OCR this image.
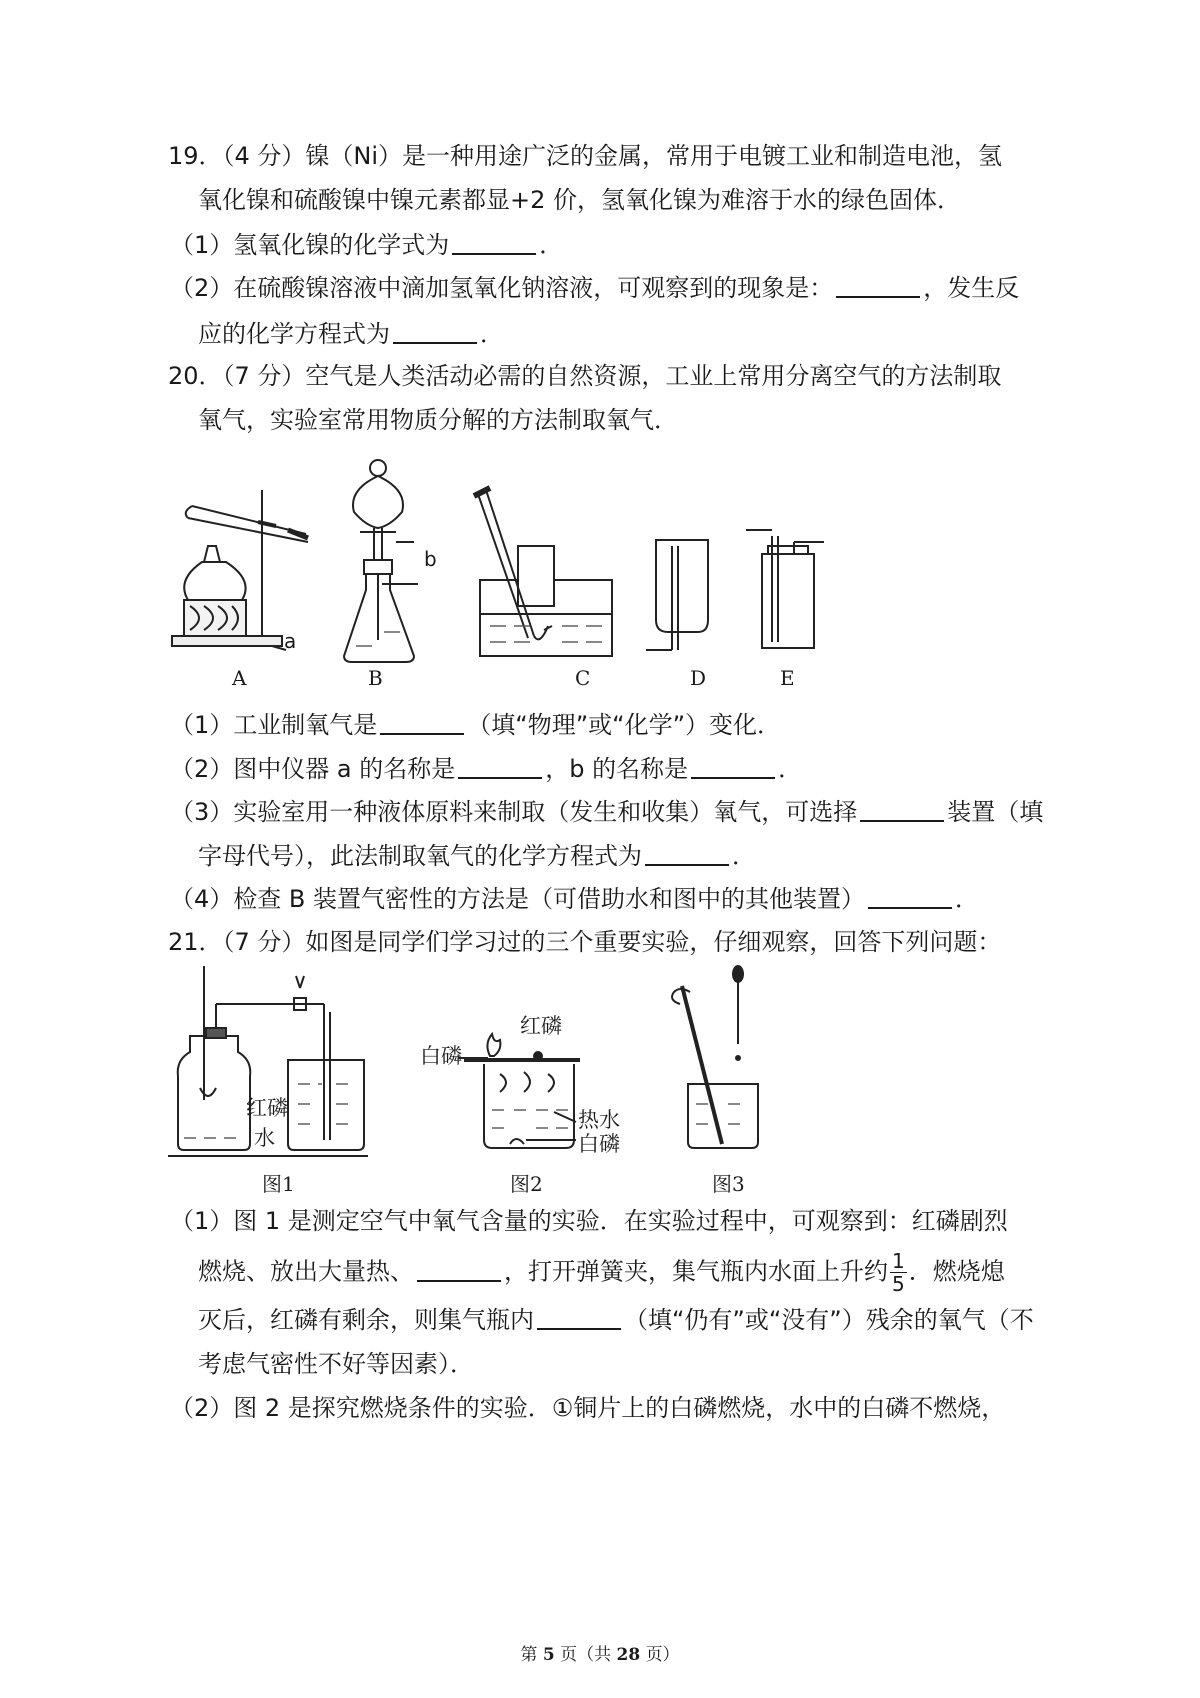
19．（4 分）镍（Ni）是一种用途广泛的金属，常用于电镀工业和制造电池，氢
氧化镍和硫酸镍中镍元素都显+2 价，氢氧化镍为难溶于水的绿色固体．
（1）氢氧化镍的化学式为	．
（2）在硫酸镍溶液中滴加氢氧化钠溶液，可观察到的现象是：	，发生反
应的化学方程式为	．
20．（7 分）空气是人类活动必需的自然资源，工业上常用分离空气的方法制取
氧气，实验室常用物质分解的方法制取氧气．
a
b
A	B	C	D	E
（1）工业制氧气是	（填“物理”或“化学”）变化．
（2）图中仪器 a 的名称是	，b 的名称是	．
（3）实验室用一种液体原料来制取（发生和收集）氧气，可选择	装置（填
字母代号），此法制取氧气的化学方程式为	．
（4）检查 B 装置气密性的方法是（可借助水和图中的其他装置）	．
21．（7 分）如图是同学们学习过的三个重要实验，仔细观察，回答下列问题：
红磷
水
白磷
红磷
热水
白磷
图1	图2	图3
（1）图 1 是测定空气中氧气含量的实验．在实验过程中，可观察到：红磷剧烈
燃烧、放出大量热、	，打开弹簧夹，集气瓶内水面上升约 $\frac{1}{5}$ ．燃烧熄
灭后，红磷有剩余，则集气瓶内	（填“仍有”或“没有”）残余的氧气（不
考虑气密性不好等因素）．
（2）图 2 是探究燃烧条件的实验．①铜片上的白磷燃烧，水中的白磷不燃烧，
第 5 页（共 28 页）
